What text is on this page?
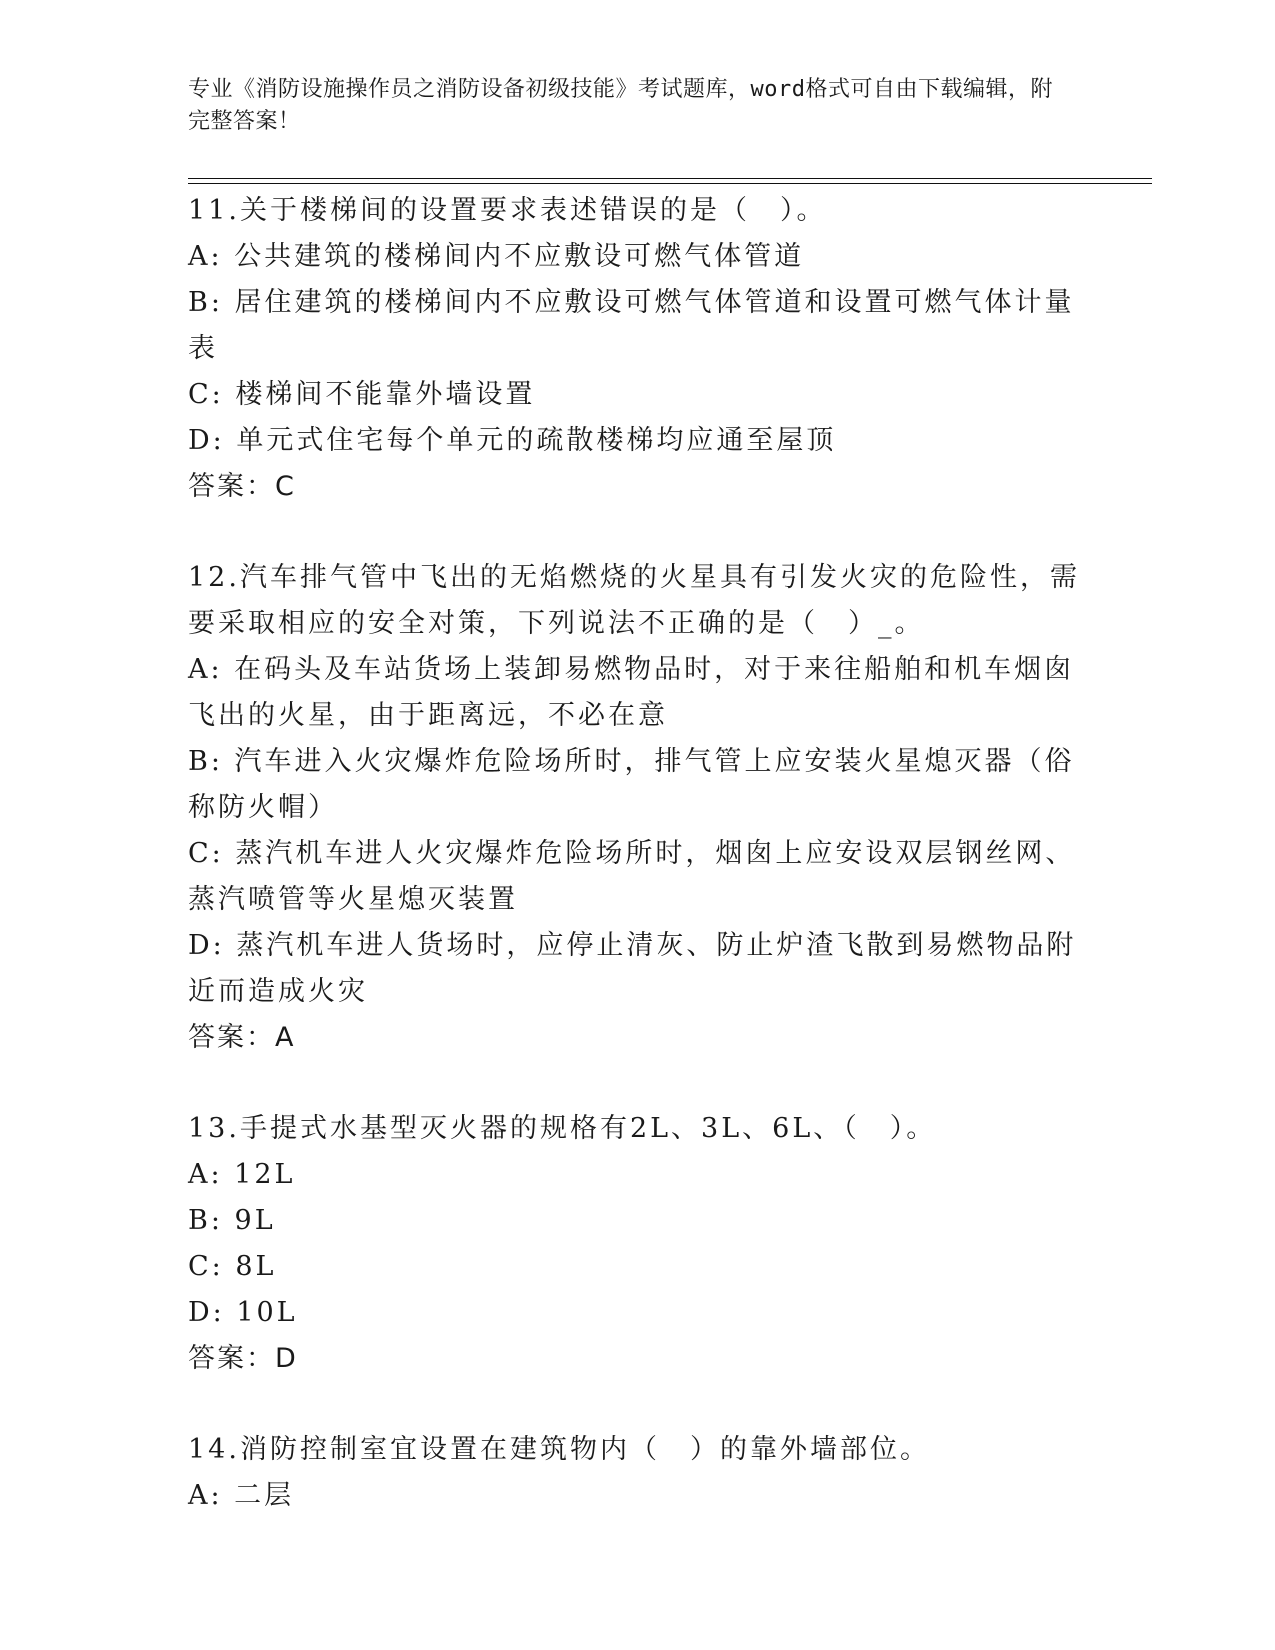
专业《消防设施操作员之消防设备初级技能》考试题库，word格式可自由下载编辑，附完整答案！

11.关于楼梯间的设置要求表述错误的是（　）。

A: 公共建筑的楼梯间内不应敷设可燃气体管道

B: 居住建筑的楼梯间内不应敷设可燃气体管道和设置可燃气体计量表

C: 楼梯间不能靠外墙设置

D: 单元式住宅每个单元的疏散楼梯均应通至屋顶

答案：C

12.汽车排气管中飞出的无焰燃烧的火星具有引发火灾的危险性，需要采取相应的安全对策，下列说法不正确的是（　）_。

A: 在码头及车站货场上装卸易燃物品时，对于来往船舶和机车烟囱飞出的火星，由于距离远，不必在意

B: 汽车进入火灾爆炸危险场所时，排气管上应安装火星熄灭器（俗称防火帽）

C: 蒸汽机车进人火灾爆炸危险场所时，烟囱上应安设双层钢丝网、蒸汽喷管等火星熄灭装置

D: 蒸汽机车进人货场时，应停止清灰、防止炉渣飞散到易燃物品附近而造成火灾

答案：A

13.手提式水基型灭火器的规格有2L、3L、6L、（　）。

A: 12L

B: 9L

C: 8L

D: 10L

答案：D

14.消防控制室宜设置在建筑物内（　）的靠外墙部位。

A: 二层
